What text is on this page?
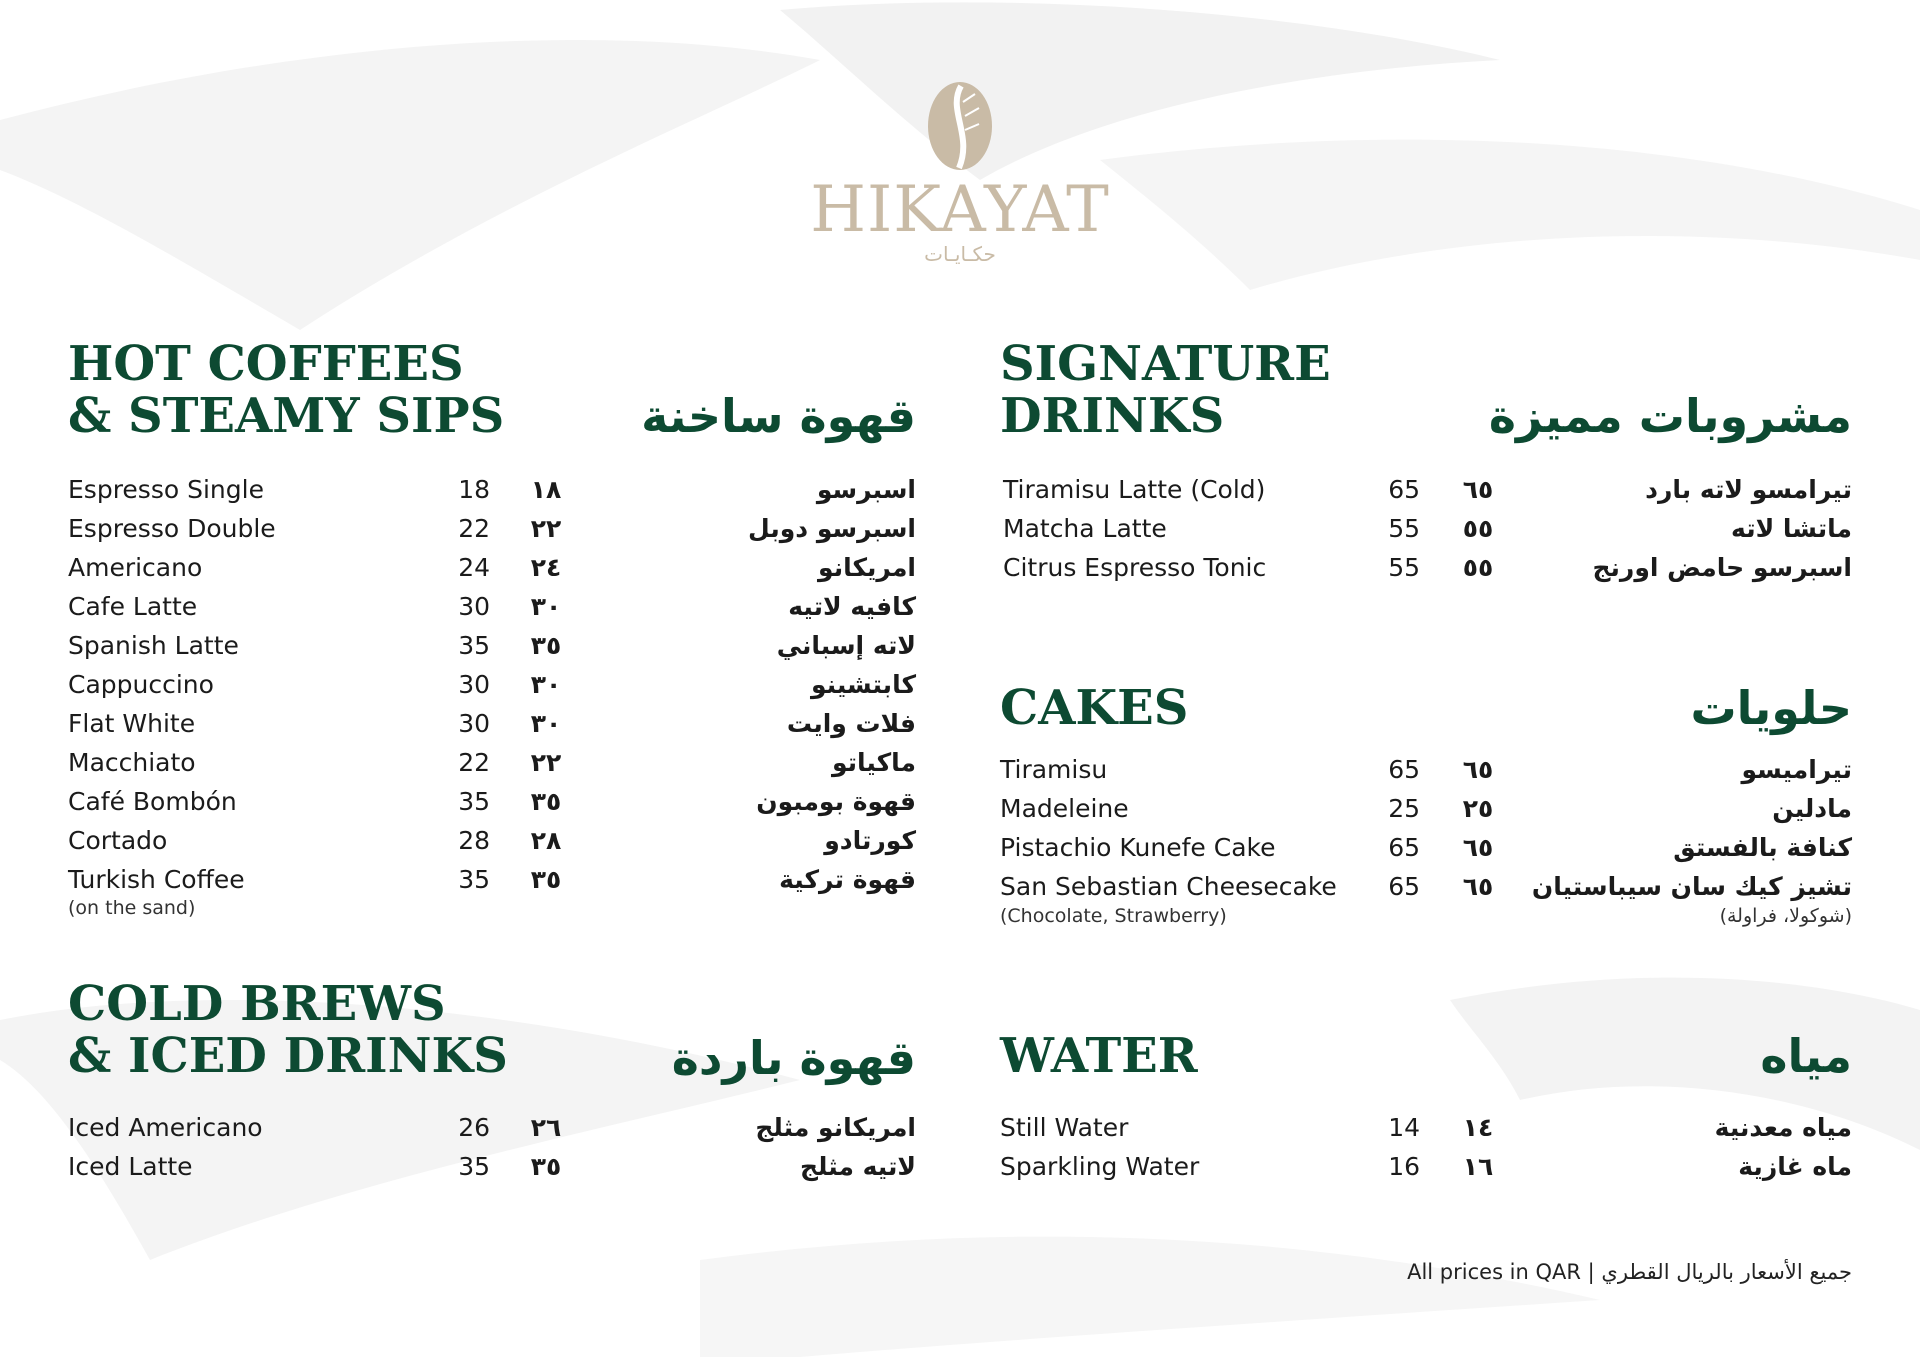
HIKAYAT
حكـايـات
HOT COFFEES
& STEAMY SIPS	قهوة ساخنة
Espresso Single	18	١٨	اسبرسو
Espresso Double	22	٢٢	اسبرسو دوبل
Americano	24	٢٤	امريكانو
Cafe Latte	30	٣٠	كافيه لاتيه
Spanish Latte	35	٣٥	لاته إسباني
Cappuccino	30	٣٠	كابتشينو
Flat White	30	٣٠	فلات وايت
Macchiato	22	٢٢	ماكياتو
Café Bombón	35	٣٥	قهوة بومبون
Cortado	28	٢٨	كورتادو
Turkish Coffee	35	٣٥	قهوة تركية
(on the sand)
COLD BREWS
& ICED DRINKS	قهوة باردة
Iced Americano	26	٢٦	امريكانو مثلج
Iced Latte	35	٣٥	لاتيه مثلج
SIGNATURE
DRINKS	مشروبات مميزة
Tiramisu Latte (Cold)	65	٦٥	تيرامسو لاته بارد
Matcha Latte	55	٥٥	ماتشا لاته
Citrus Espresso Tonic	55	٥٥	اسبرسو حامض اورنج
CAKES	حلويات
Tiramisu	65	٦٥	تيراميسو
Madeleine	25	٢٥	مادلين
Pistachio Kunefe Cake	65	٦٥	كنافة بالفستق
San Sebastian Cheesecake	65	٦٥	تشيز كيك سان سيباستيان
(Chocolate, Strawberry)	(شوكولا، فراولة)
WATER	مياه
Still Water	14	١٤	مياه معدنية
Sparkling Water	16	١٦	ماه غازية
All prices in QAR | جميع الأسعار بالريال القطري
